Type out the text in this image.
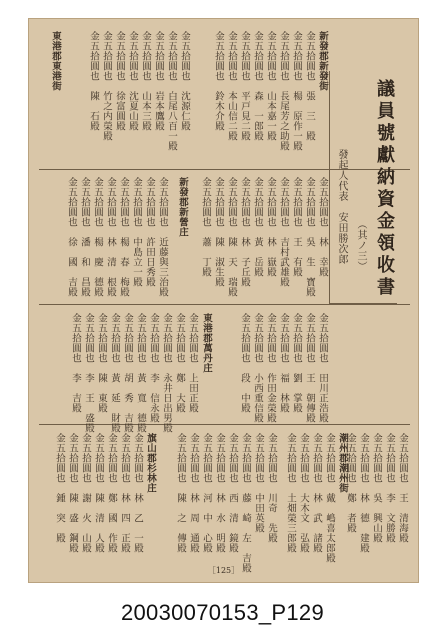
議員號獻納資金領收書
（其ノ三）
發起人代表　安田勝次郎
新發郡新發街
東港郡東港街
新發郡新營庄
東港郡萬丹庄
潮州郡潮州街
旗山郡杉林庄
金五拾圓也　張　三　殿
金五拾圓也　楊　原作一殿
金五拾圓也　長尾芳之助殿
金五拾圓也　山本嘉一殿
金五拾圓也　森　一郎殿
金五拾圓也　平戸見二殿
金五拾圓也　本山信二殿
金五拾圓也　鈴木介殿
金五拾圓也　沈源仁殿
金五拾圓也　白尾八百一殿
金五拾圓也　岩本鷹殿
金五拾圓也　山本三殿
金五拾圓也　沈夏山殿
金五拾圓也　徐富圓殿
金五拾圓也　竹之内榮殿
金五拾圓也　陳　石殿
金五拾圓也　林　幸殿
金五拾圓也　吳　生　寶殿
金五拾圓也　王　有殿
金五拾圓也　吉村武雄殿
金五拾圓也　林　嶽殿
金五拾圓也　黃　岳殿
金五拾圓也　林　子丘殿
金五拾圓也　陳　天　瑞殿
金五拾圓也　陳　淑生殿
金五拾圓也　蕭　丁殿
金五拾圓也　近藤與三治殿
金五拾圓也　許田日秀殿
金五拾圓也　中島立一殿
金五拾圓也　楊　春　梅殿
金五拾圓也　林　清　根殿
金五拾圓也　楊　慶　德殿
金五拾圓也　潘　和　昌殿
金五拾圓也　徐　國　吉殿
金五拾圓也　田川正浩殿
金五拾圓也　王　朝傳殿
金五拾圓也　劉　掌殿
金五拾圓也　福　林殿
金五拾圓也　作田金榮殿
金五拾圓也　小西重信殿
金五拾圓也　段　中殿
金五拾圓也　上田正殿
金五拾圓也　鄭　大殿
金五拾圓也　永井日出男殿
金五拾圓也　李　信永殿
金五拾圓也　黃　寬　德殿
金五拾圓也　胡　秀　吉殿
金五拾圓也　黃　延　財殿
金五拾圓也　陳　東殿
金五拾圓也　李　王　盛殿
金五拾圓也　李　吉殿
金五拾圓也　王　清海殿
金五拾圓也　李　文勝殿
金五拾圓也　吳　興山殿
金五拾圓也　林　德　建殿
金五拾圓也　鄭　者殿
金五拾圓也　戴　嶋喜太郎殿
金五拾圓也　林　武　諸殿
金五拾圓也　大木文　弘殿
金五拾圓也　土畑榮三郎殿
金五拾圓也　川奇　先殿
金五拾圓也　中田英殿
金五拾圓也　藤　崎　左　吉殿
金五拾圓也　西　清　鏡殿
金五拾圓也　林　水　明殿
金五拾圓也　河　中　心殿
金五拾圓也　林　周　通殿
金五拾圓也　陳　之　傳殿
金五拾圓也　林　乙　一殿
金五拾圓也　林　四　正殿
金五拾圓也　鄭　國　作殿
金五拾圓也　陳　清　人殿
金五拾圓也　謝　火　山殿
金五拾圓也　陳　盛　鋼殿
金五拾圓也　鍾　突　殿
［125］
20030070153_P129
